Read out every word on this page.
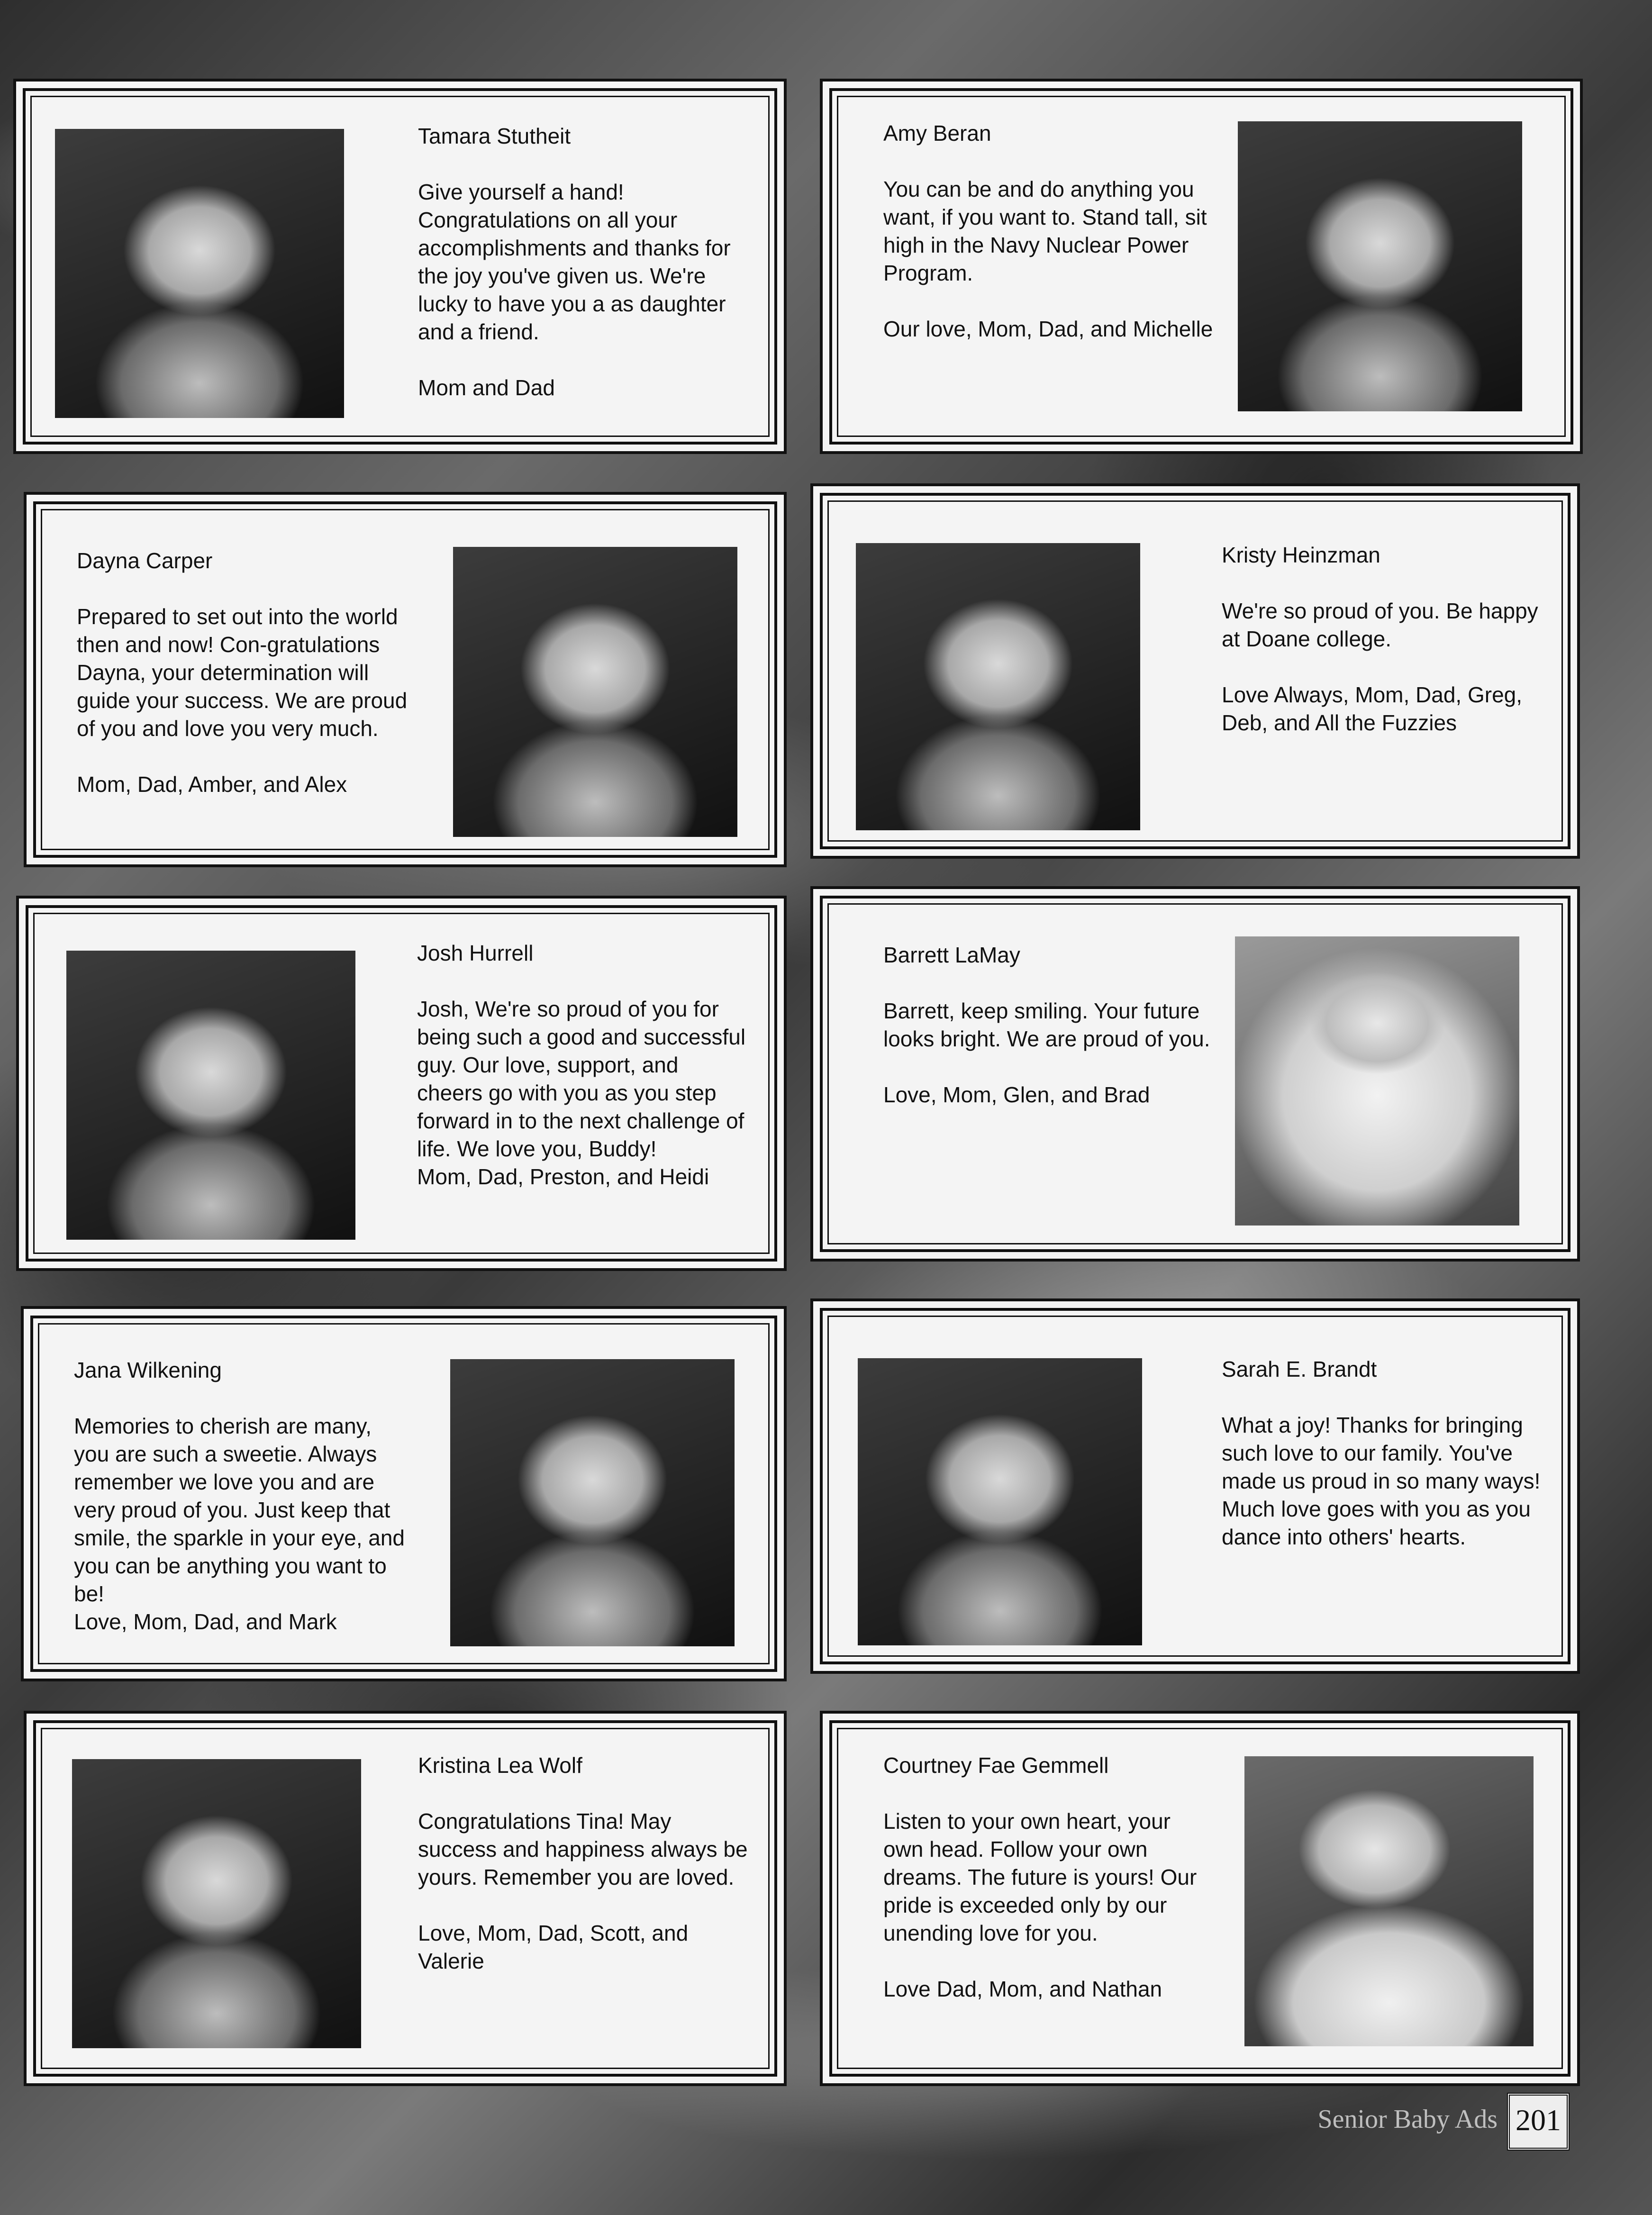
Tamara Stutheit

Give yourself a hand! Congratulations on all your accomplishments and thanks for the joy you've given us. We're lucky to have you a as daughter and a friend.

Mom and Dad

Amy Beran

You can be and do anything you want, if you want to. Stand tall, sit high in the Navy Nuclear Power Program.

Our love, Mom, Dad, and Michelle

Dayna Carper

Prepared to set out into the world then and now! Con-gratulations Dayna, your determination will guide your success. We are proud of you and love you very much.

Mom, Dad, Amber, and Alex

Kristy Heinzman

We're so proud of you. Be happy at Doane college.

Love Always, Mom, Dad, Greg, Deb, and All the Fuzzies

Josh Hurrell

Josh, We're so proud of you for being such a good and successful guy. Our love, support, and cheers go with you as you step forward in to the next challenge of life. We love you, Buddy!
Mom, Dad, Preston, and Heidi

Barrett LaMay

Barrett, keep smiling. Your future looks bright. We are proud of you.

Love, Mom, Glen, and Brad

Jana Wilkening

Memories to cherish are many, you are such a sweetie. Always remember we love you and are very proud of you. Just keep that smile, the sparkle in your eye, and you can be anything you want to be!
Love, Mom, Dad, and Mark

Sarah E. Brandt

What a joy! Thanks for bringing such love to our family. You've made us proud in so many ways! Much love goes with you as you dance into others' hearts.

Kristina Lea Wolf

Congratulations Tina! May success and happiness always be yours. Remember you are loved.

Love, Mom, Dad, Scott, and Valerie

Courtney Fae Gemmell

Listen to your own heart, your own head. Follow your own dreams. The future is yours! Our pride is exceeded only by our unending love for you.

Love Dad, Mom, and Nathan

Senior Baby Ads 201
